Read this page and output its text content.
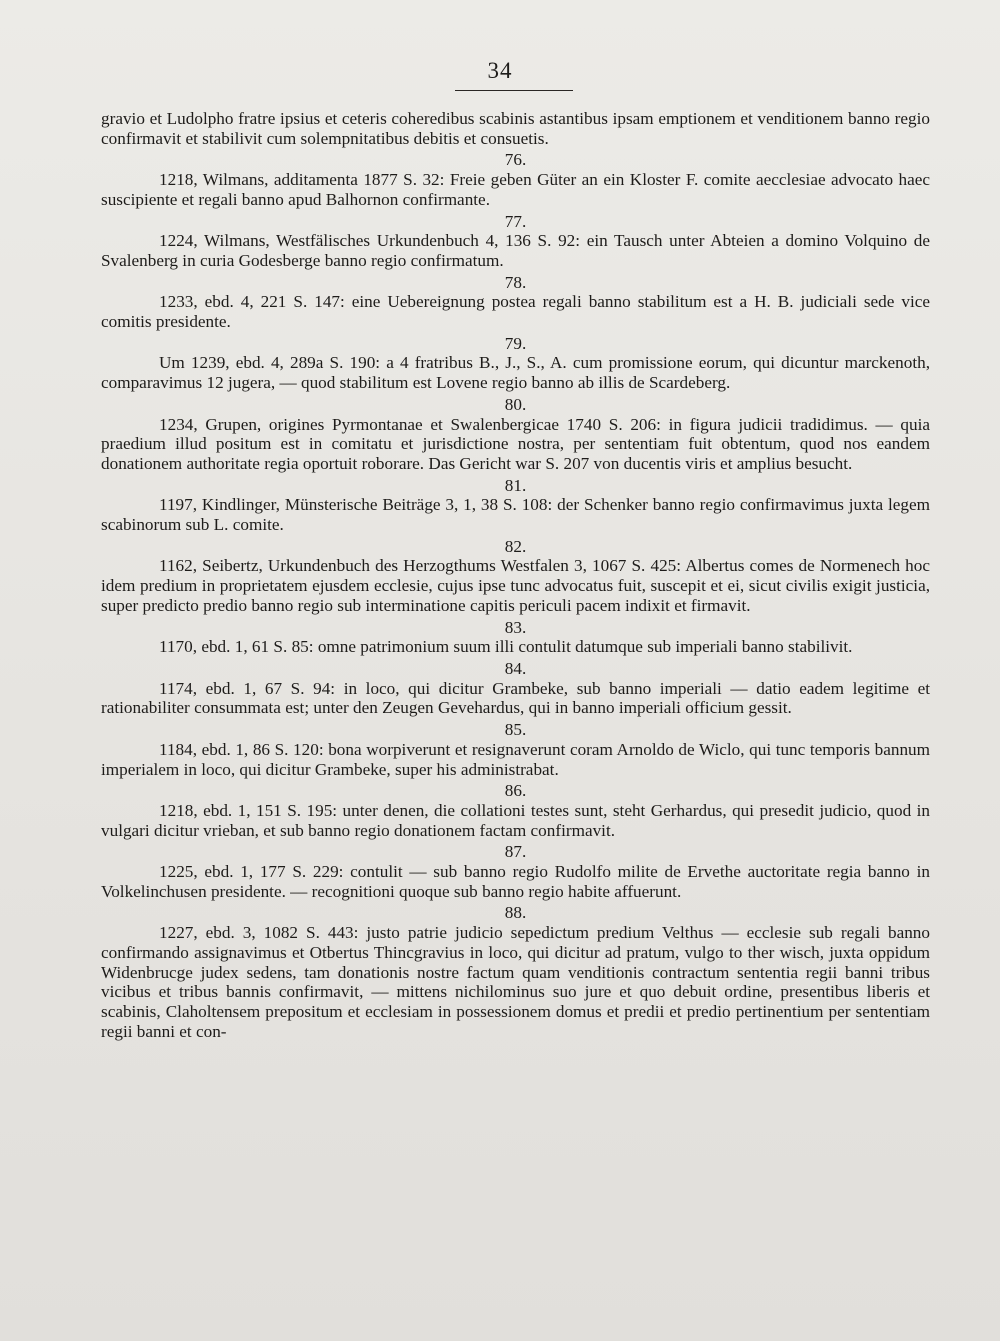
34

gravio et Ludolpho fratre ipsius et ceteris coheredibus scabinis astantibus ipsam emptionem et venditionem banno regio confirmavit et stabilivit cum solempnitatibus debitis et consuetis.

76.

1218, Wilmans, additamenta 1877 S. 32: Freie geben Güter an ein Kloster F. comite aecclesiae advocato haec suscipiente et regali banno apud Balhornon confirmante.

77.

1224, Wilmans, Westfälisches Urkundenbuch 4, 136 S. 92: ein Tausch unter Abteien a domino Volquino de Svalenberg in curia Godesberge banno regio confirmatum.

78.

1233, ebd. 4, 221 S. 147: eine Uebereignung postea regali banno stabilitum est a H. B. judiciali sede vice comitis presidente.

79.

Um 1239, ebd. 4, 289a S. 190: a 4 fratribus B., J., S., A. cum promissione eorum, qui dicuntur marckenoth, comparavimus 12 jugera, — quod stabilitum est Lovene regio banno ab illis de Scardeberg.

80.

1234, Grupen, origines Pyrmontanae et Swalenbergicae 1740 S. 206: in figura judicii tradidimus. — quia praedium illud positum est in comitatu et jurisdictione nostra, per sententiam fuit obtentum, quod nos eandem donationem authoritate regia oportuit roborare. Das Gericht war S. 207 von ducentis viris et amplius besucht.

81.

1197, Kindlinger, Münsterische Beiträge 3, 1, 38 S. 108: der Schenker banno regio confirmavimus juxta legem scabinorum sub L. comite.

82.

1162, Seibertz, Urkundenbuch des Herzogthums Westfalen 3, 1067 S. 425: Albertus comes de Normenech hoc idem predium in proprietatem ejusdem ecclesie, cujus ipse tunc advocatus fuit, suscepit et ei, sicut civilis exigit justicia, super predicto predio banno regio sub interminatione capitis periculi pacem indixit et firmavit.

83.

1170, ebd. 1, 61 S. 85: omne patrimonium suum illi contulit datumque sub imperiali banno stabilivit.

84.

1174, ebd. 1, 67 S. 94: in loco, qui dicitur Grambeke, sub banno imperiali — datio eadem legitime et rationabiliter consummata est; unter den Zeugen Gevehardus, qui in banno imperiali officium gessit.

85.

1184, ebd. 1, 86 S. 120: bona worpiverunt et resignaverunt coram Arnoldo de Wiclo, qui tunc temporis bannum imperialem in loco, qui dicitur Grambeke, super his administrabat.

86.

1218, ebd. 1, 151 S. 195: unter denen, die collationi testes sunt, steht Gerhardus, qui presedit judicio, quod in vulgari dicitur vrieban, et sub banno regio donationem factam confirmavit.

87.

1225, ebd. 1, 177 S. 229: contulit — sub banno regio Rudolfo milite de Ervethe auctoritate regia banno in Volkelinchusen presidente. — recognitioni quoque sub banno regio habite affuerunt.

88.

1227, ebd. 3, 1082 S. 443: justo patrie judicio sepedictum predium Velthus — ecclesie sub regali banno confirmando assignavimus et Otbertus Thincgravius in loco, qui dicitur ad pratum, vulgo to ther wisch, juxta oppidum Widenbrucge judex sedens, tam donationis nostre factum quam venditionis contractum sententia regii banni tribus vicibus et tribus bannis confirmavit, — mittens nichilominus suo jure et quo debuit ordine, presentibus liberis et scabinis, Claholtensem prepositum et ecclesiam in possessionem domus et predii et predio pertinentium per sententiam regii banni et con-
